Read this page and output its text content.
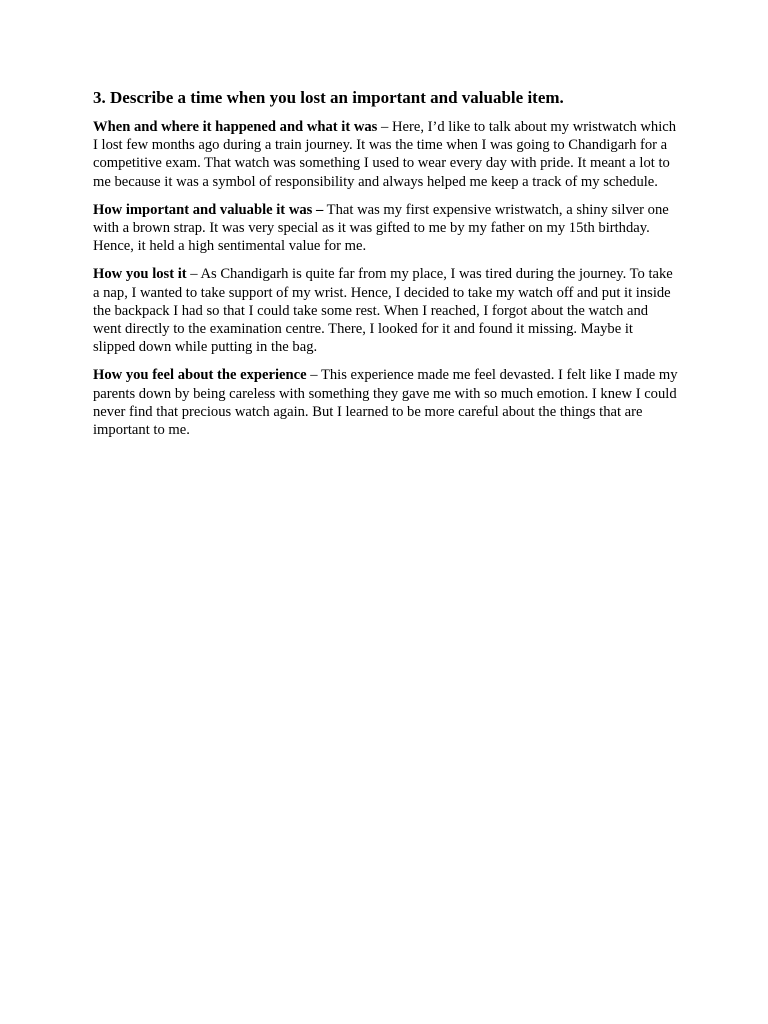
3. Describe a time when you lost an important and valuable item.

When and where it happened and what it was – Here, I’d like to talk about my wristwatch which I lost few months ago during a train journey. It was the time when I was going to Chandigarh for a competitive exam. That watch was something I used to wear every day with pride. It meant a lot to me because it was a symbol of responsibility and always helped me keep a track of my schedule.

How important and valuable it was – That was my first expensive wristwatch, a shiny silver one with a brown strap. It was very special as it was gifted to me by my father on my 15th birthday. Hence, it held a high sentimental value for me.

How you lost it – As Chandigarh is quite far from my place, I was tired during the journey. To take a nap, I wanted to take support of my wrist. Hence, I decided to take my watch off and put it inside the backpack I had so that I could take some rest. When I reached, I forgot about the watch and went directly to the examination centre. There, I looked for it and found it missing. Maybe it slipped down while putting in the bag.

How you feel about the experience – This experience made me feel devasted. I felt like I made my parents down by being careless with something they gave me with so much emotion. I knew I could never find that precious watch again. But I learned to be more careful about the things that are important to me.
